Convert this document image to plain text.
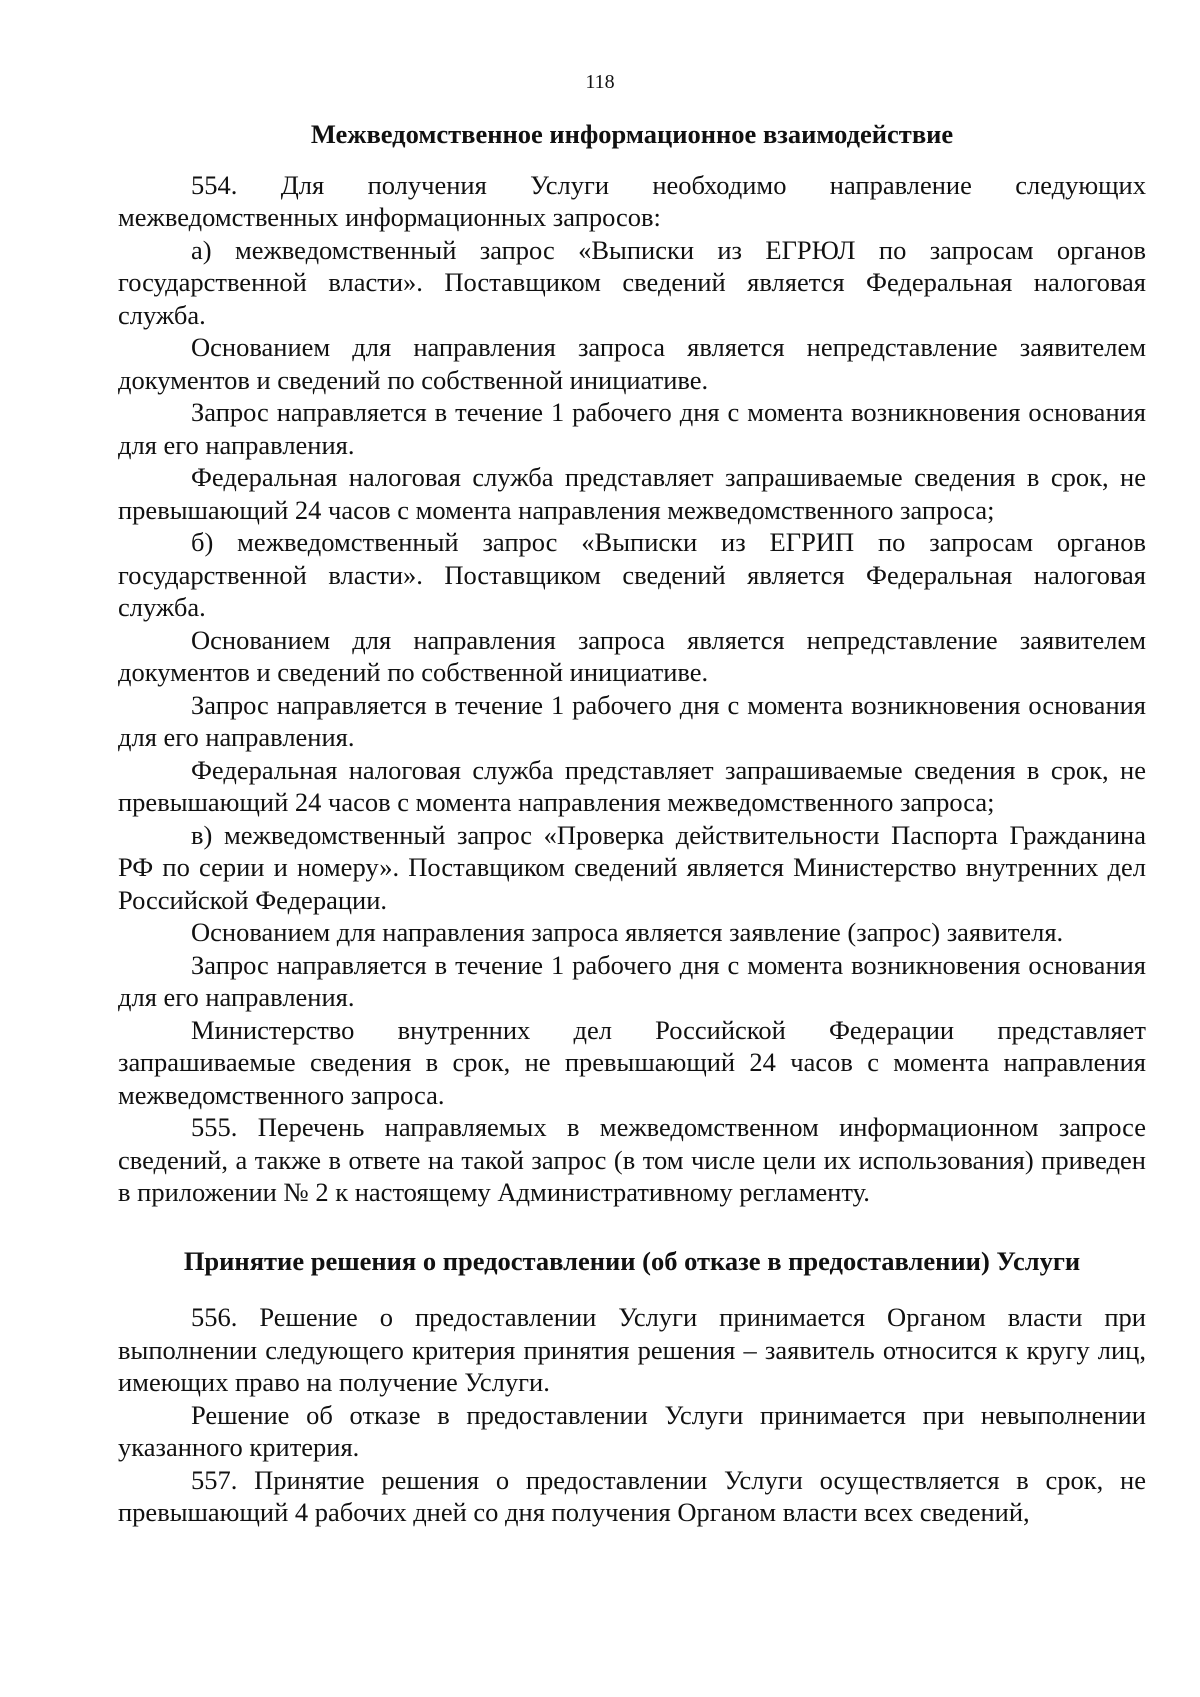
118
Межведомственное информационное взаимодействие

554. Для получения Услуги необходимо направление следующих межведомственных информационных запросов:

а) межведомственный запрос «Выписки из ЕГРЮЛ по запросам органов государственной власти». Поставщиком сведений является Федеральная налоговая служба.

Основанием для направления запроса является непредставление заявителем документов и сведений по собственной инициативе.

Запрос направляется в течение 1 рабочего дня с момента возникновения основания для его направления.

Федеральная налоговая служба представляет запрашиваемые сведения в срок, не превышающий 24 часов с момента направления межведомственного запроса;

б) межведомственный запрос «Выписки из ЕГРИП по запросам органов государственной власти». Поставщиком сведений является Федеральная налоговая служба.

Основанием для направления запроса является непредставление заявителем документов и сведений по собственной инициативе.

Запрос направляется в течение 1 рабочего дня с момента возникновения основания для его направления.

Федеральная налоговая служба представляет запрашиваемые сведения в срок, не превышающий 24 часов с момента направления межведомственного запроса;

в) межведомственный запрос «Проверка действительности Паспорта Гражданина РФ по серии и номеру». Поставщиком сведений является Министерство внутренних дел Российской Федерации.

Основанием для направления запроса является заявление (запрос) заявителя.

Запрос направляется в течение 1 рабочего дня с момента возникновения основания для его направления.

Министерство внутренних дел Российской Федерации представляет запрашиваемые сведения в срок, не превышающий 24 часов с момента направления межведомственного запроса.

555. Перечень направляемых в межведомственном информационном запросе сведений, а также в ответе на такой запрос (в том числе цели их использования) приведен в приложении № 2 к настоящему Административному регламенту.

Принятие решения о предоставлении (об отказе в предоставлении) Услуги

556. Решение о предоставлении Услуги принимается Органом власти при выполнении следующего критерия принятия решения – заявитель относится к кругу лиц, имеющих право на получение Услуги.

Решение об отказе в предоставлении Услуги принимается при невыполнении указанного критерия.

557. Принятие решения о предоставлении Услуги осуществляется в срок, не превышающий 4 рабочих дней со дня получения Органом власти всех сведений,
